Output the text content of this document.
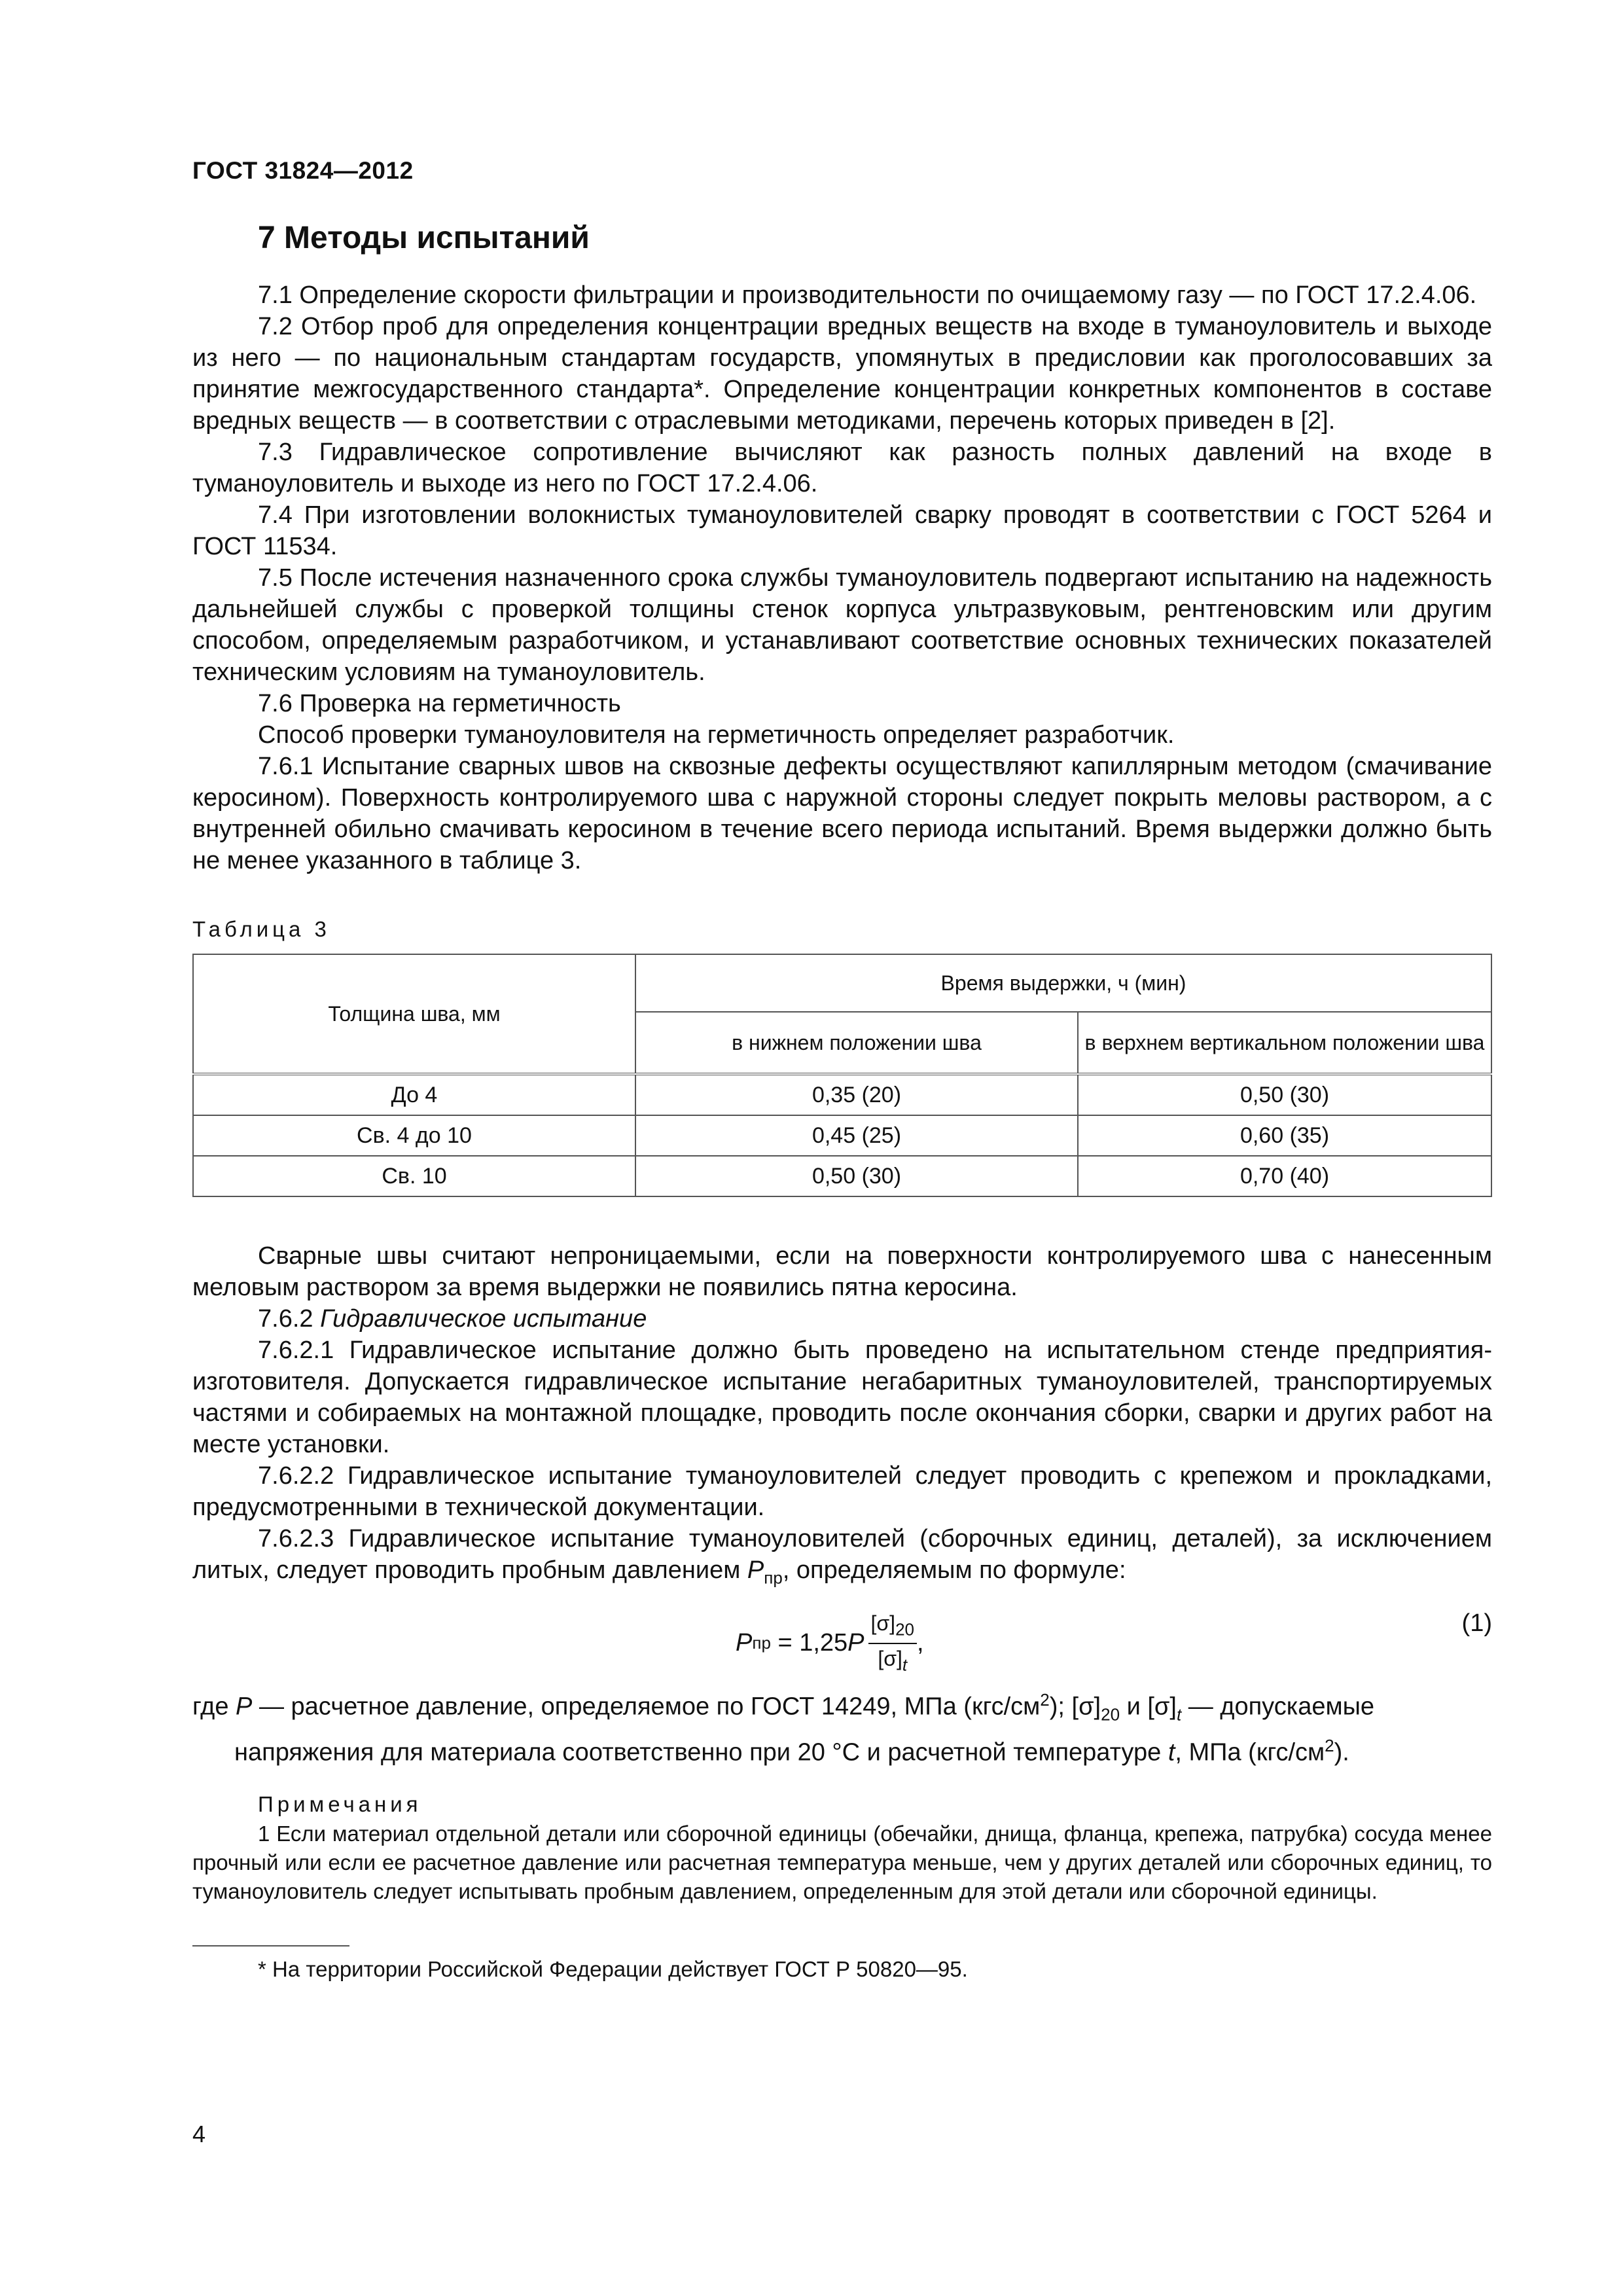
ГОСТ 31824—2012
7 Методы испытаний

7.1 Определение скорости фильтрации и производительности по очищаемому газу — по ГОСТ 17.2.4.06.

7.2 Отбор проб для определения концентрации вредных веществ на входе в туманоуловитель и выходе из него — по национальным стандартам государств, упомянутых в предисловии как проголосовавших за принятие межгосударственного стандарта*. Определение концентрации конкретных компонентов в составе вредных веществ — в соответствии с отраслевыми методиками, перечень которых приведен в [2].

7.3 Гидравлическое сопротивление вычисляют как разность полных давлений на входе в туманоуловитель и выходе из него по ГОСТ 17.2.4.06.

7.4 При изготовлении волокнистых туманоуловителей сварку проводят в соответствии с ГОСТ 5264 и ГОСТ 11534.

7.5 После истечения назначенного срока службы туманоуловитель подвергают испытанию на надежность дальнейшей службы с проверкой толщины стенок корпуса ультразвуковым, рентгеновским или другим способом, определяемым разработчиком, и устанавливают соответствие основных технических показателей техническим условиям на туманоуловитель.

7.6 Проверка на герметичность

Способ проверки туманоуловителя на герметичность определяет разработчик.

7.6.1 Испытание сварных швов на сквозные дефекты осуществляют капиллярным методом (смачивание керосином). Поверхность контролируемого шва с наружной стороны следует покрыть меловы раствором, а с внутренней обильно смачивать керосином в течение всего периода испытаний. Время выдержки должно быть не менее указанного в таблице 3.

Таблица 3
Толщина шва, мм	Время выдержки, ч (мин)	
	в нижнем положении шва	в верхнем вертикальном положении шва
До 4	0,35 (20)	0,50 (30)
Св. 4 до 10	0,45 (25)	0,60 (35)
Св. 10	0,50 (30)	0,70 (40)

Сварные швы считают непроницаемыми, если на поверхности контролируемого шва с нанесенным меловым раствором за время выдержки не появились пятна керосина.

7.6.2 Гидравлическое испытание

7.6.2.1 Гидравлическое испытание должно быть проведено на испытательном стенде предприятия-изготовителя. Допускается гидравлическое испытание негабаритных туманоуловителей, транспортируемых частями и собираемых на монтажной площадке, проводить после окончания сборки, сварки и других работ на месте установки.

7.6.2.2 Гидравлическое испытание туманоуловителей следует проводить с крепежом и прокладками, предусмотренными в технической документации.

7.6.2.3 Гидравлическое испытание туманоуловителей (сборочных единиц, деталей), за исключением литых, следует проводить пробным давлением $P_{пр}$, определяемым по формуле:

P пр = 1,25 P $\frac{[\sigma]_{20}}{[\sigma]_t}$ ,
(1)

где P — расчетное давление, определяемое по ГОСТ 14249, МПа $(кгс/см^2)$; $[\sigma]_{20}$ и $[\sigma]_t$ — допускаемые напряжения для материала соответственно при 20 °С и расчетной температуре t, МПа $(кгс/см^2)$.

Примечания

1 Если материал отдельной детали или сборочной единицы (обечайки, днища, фланца, крепежа, патрубка) сосуда менее прочный или если ее расчетное давление или расчетная температура меньше, чем у других деталей или сборочных единиц, то туманоуловитель следует испытывать пробным давлением, определенным для этой детали или сборочной единицы.

* На территории Российской Федерации действует ГОСТ Р 50820—95.

4
